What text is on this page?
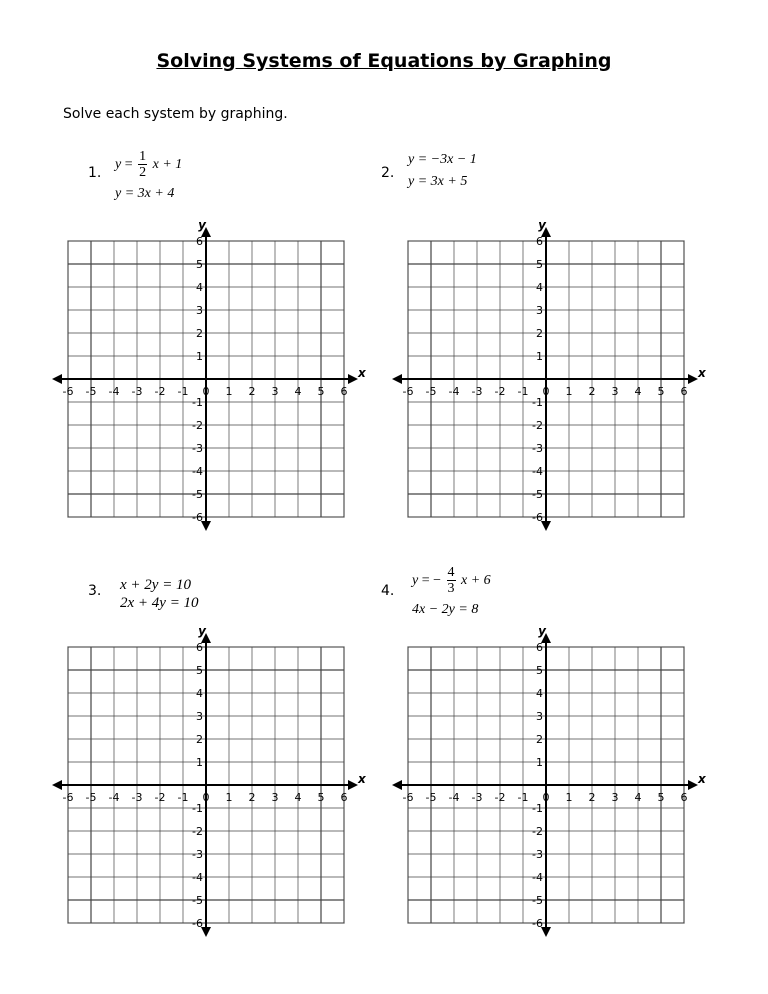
Solving Systems of Equations by Graphing
Solve each system by graphing.
1.
$y = \frac{1}{2}$ x + 1
y = 3x + 4
2.
y = −3x − 1
y = 3x + 5
3. x + 2y = 10
2x + 4y = 10
4.
y = − $\frac{4}{3}$ x + 6
4x − 2y = 8
x
y
-6 -5 -4 -3 -2 -1 0 1 2 3 4 5 6
6
5
4
3
2
1
-1
-2
-3
-4
-5
-6
x
y
-6 -5 -4 -3 -2 -1 0 1 2 3 4 5 6
6
5
4
3
2
1
-1
-2
-3
-4
-5
-6
x
y
-6 -5 -4 -3 -2 -1 0 1 2 3 4 5 6
6
5
4
3
2
1
-1
-2
-3
-4
-5
-6
x
y
-6 -5 -4 -3 -2 -1 0 1 2 3 4 5 6
6
5
4
3
2
1
-1
-2
-3
-4
-5
-6
